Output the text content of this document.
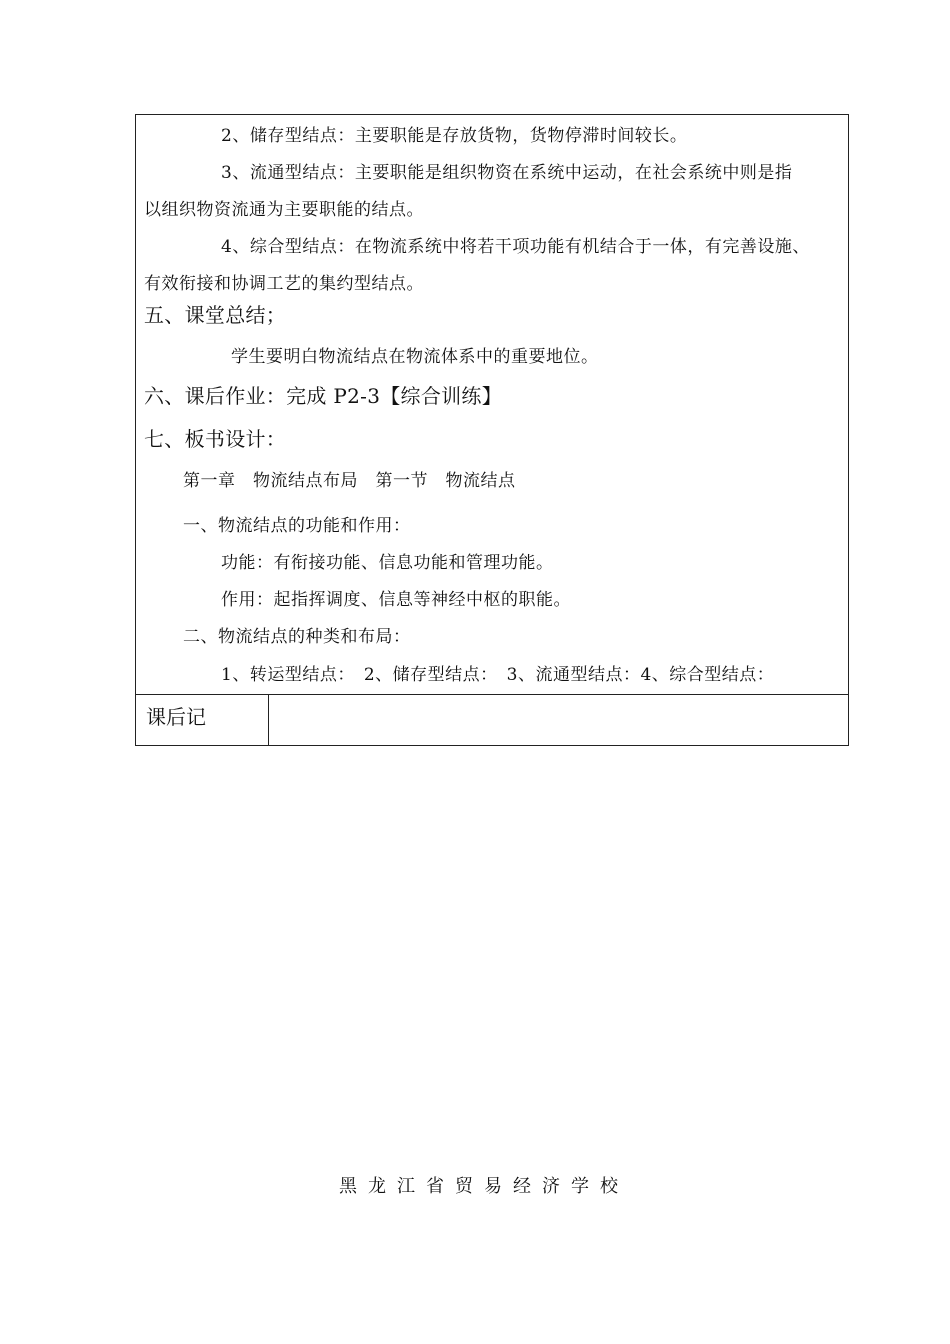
2、储存型结点：主要职能是存放货物，货物停滞时间较长。
3、流通型结点：主要职能是组织物资在系统中运动，在社会系统中则是指
以组织物资流通为主要职能的结点。
4、综合型结点：在物流系统中将若干项功能有机结合于一体，有完善设施、
有效衔接和协调工艺的集约型结点。
五、课堂总结；
学生要明白物流结点在物流体系中的重要地位。
六、课后作业：完成 P2-3【综合训练】
七、板书设计：
第一章　物流结点布局　第一节　物流结点
一、物流结点的功能和作用：
功能：有衔接功能、信息功能和管理功能。
作用：起指挥调度、信息等神经中枢的职能。
二、物流结点的种类和布局：
1、转运型结点：　2、储存型结点：　3、流通型结点：4、综合型结点：
课后记
黑龙江省贸易经济学校
